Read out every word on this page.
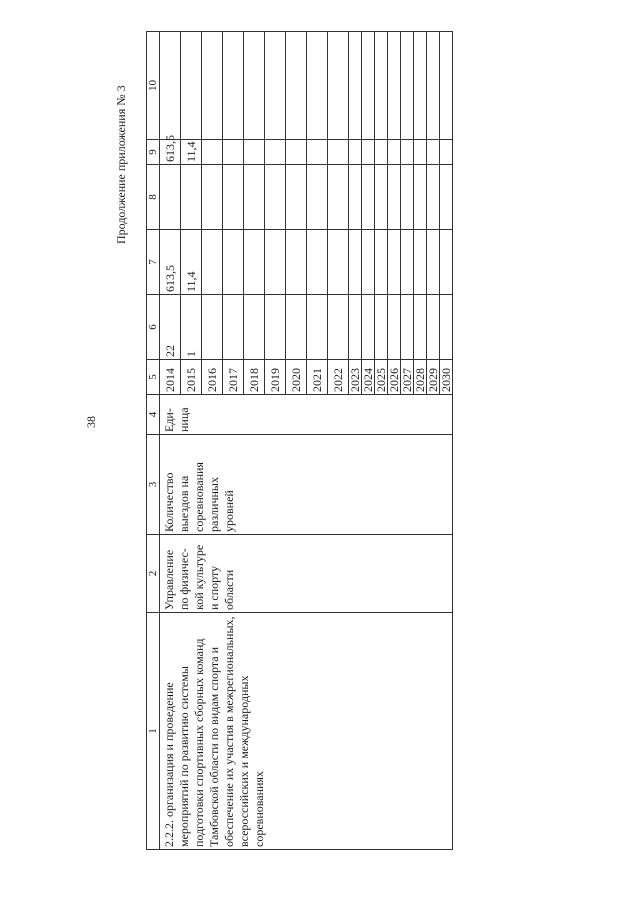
38
Продолжение приложения № 3
1	2	3	4	5	6	7	8	9	10	
2.2.2. организация и проведение мероприятий по развитию системы подготовки спортивных сборных команд Тамбовской области по видам спорта и обеспечение их участия в межрегиональных, всероссийских и международных соревнованиях	Управление по физичес-кой культуре и спорту области	Количество выездов на соревнования различных уровней	Еди-ница	2014	22	613,5		613,5		
				2015	1	11,4		11,4		
				2016						
				2017						
				2018						
				2019						
				2020						
				2021						
				2022						
				2023						
				2024						
				2025						
				2026						
				2027						
				2028						
				2029						
				2030						
